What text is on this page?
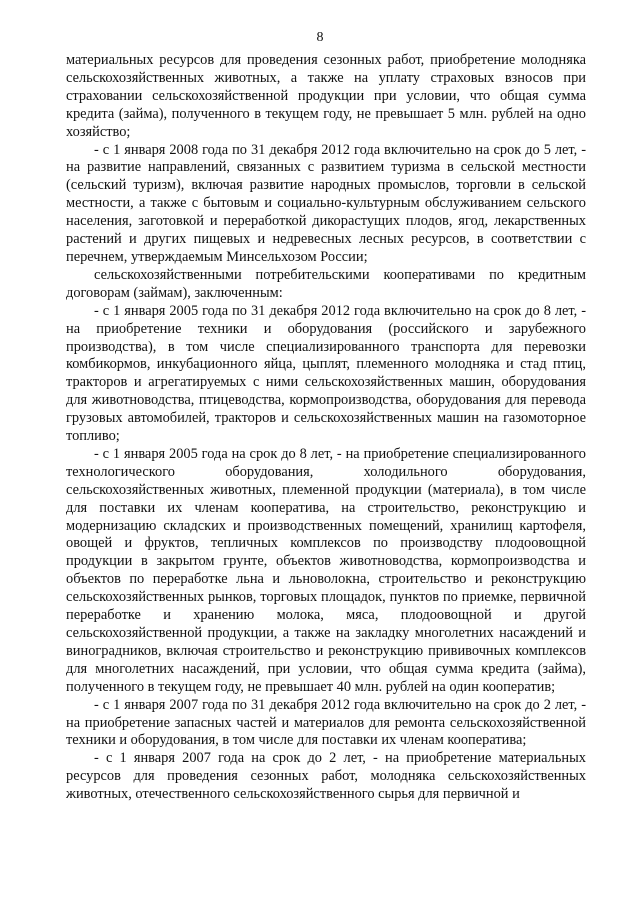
8

материальных ресурсов для проведения сезонных работ, приобретение молодняка сельскохозяйственных животных, а также на уплату страховых взносов при страховании сельскохозяйственной продукции при условии, что общая сумма кредита (займа), полученного в текущем году, не превышает 5 млн. рублей на одно хозяйство;

- с 1 января 2008 года по 31 декабря 2012 года включительно на срок до 5 лет, - на развитие направлений, связанных с развитием туризма в сельской местности (сельский туризм), включая развитие народных промыслов, торговли в сельской местности, а также с бытовым и социально-культурным обслуживанием сельского населения, заготовкой и переработкой дикорастущих плодов, ягод, лекарственных растений и других пищевых и недревесных лесных ресурсов, в соответствии с перечнем, утверждаемым Минсельхозом России;

сельскохозяйственными потребительскими кооперативами по кредитным договорам (займам), заключенным:

- с 1 января 2005 года по 31 декабря 2012 года включительно на срок до 8 лет, - на приобретение техники и оборудования (российского и зарубежного производства), в том числе специализированного транспорта для перевозки комбикормов, инкубационного яйца, цыплят, племенного молодняка и стад птиц, тракторов и агрегатируемых с ними сельскохозяйственных машин, оборудования для животноводства, птицеводства, кормопроизводства, оборудования для перевода грузовых автомобилей, тракторов и сельскохозяйственных машин на газомоторное топливо;

- с 1 января 2005 года на срок до 8 лет, - на приобретение специализированного технологического оборудования, холодильного оборудования, сельскохозяйственных животных, племенной продукции (материала), в том числе для поставки их членам кооператива, на строительство, реконструкцию и модернизацию складских и производственных помещений, хранилищ картофеля, овощей и фруктов, тепличных комплексов по производству плодоовощной продукции в закрытом грунте, объектов животноводства, кормопроизводства и объектов по переработке льна и льноволокна, строительство и реконструкцию сельскохозяйственных рынков, торговых площадок, пунктов по приемке, первичной переработке и хранению молока, мяса, плодоовощной и другой сельскохозяйственной продукции, а также на закладку многолетних насаждений и виноградников, включая строительство и реконструкцию прививочных комплексов для многолетних насаждений, при условии, что общая сумма кредита (займа), полученного в текущем году, не превышает 40 млн. рублей на один кооператив;

- с 1 января 2007 года по 31 декабря 2012 года включительно на срок до 2 лет, - на приобретение запасных частей и материалов для ремонта сельскохозяйственной техники и оборудования, в том числе для поставки их членам кооператива;

- с 1 января 2007 года на срок до 2 лет, - на приобретение материальных ресурсов для проведения сезонных работ, молодняка сельскохозяйственных животных, отечественного сельскохозяйственного сырья для первичной и
